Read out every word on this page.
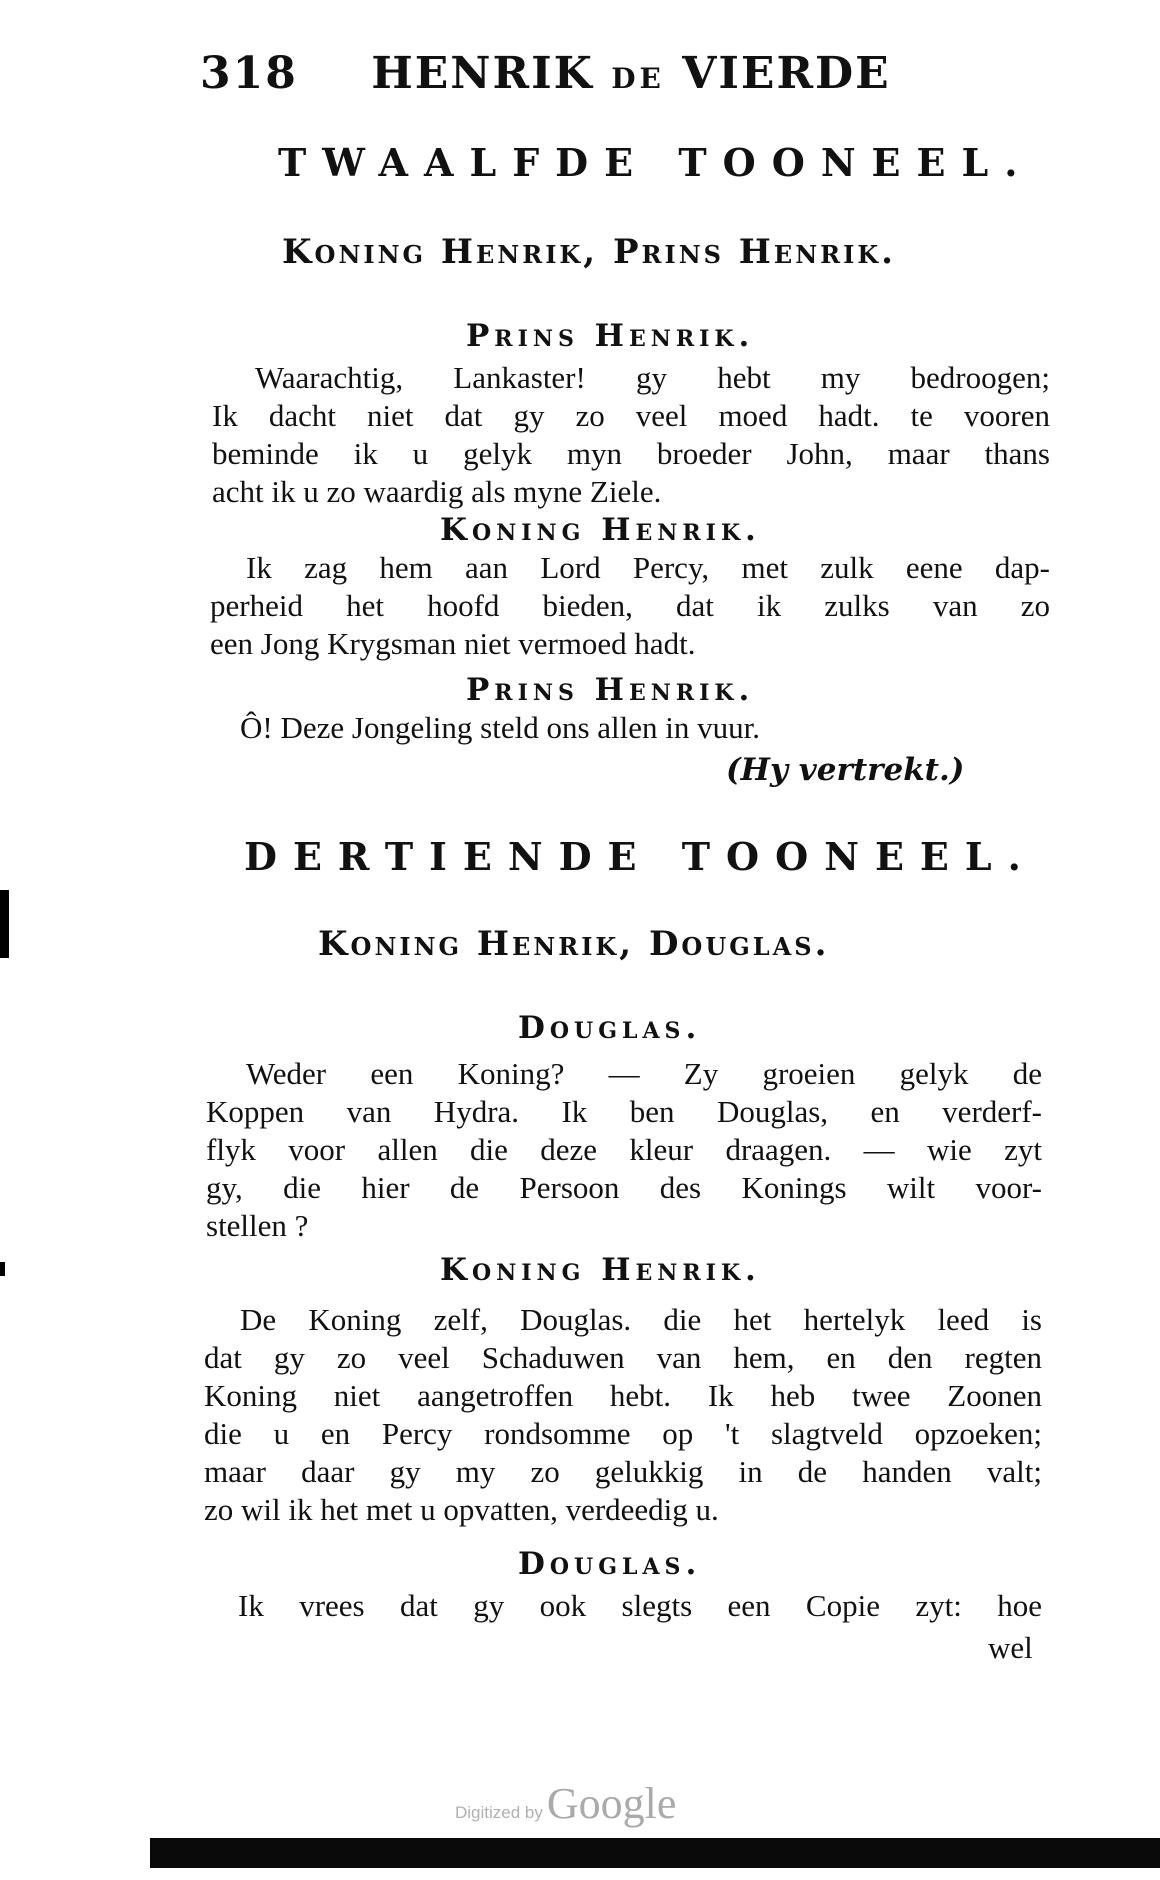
318 HENRIK DE VIERDE
TWAALFDE TOONEEL.
Koning Henrik, Prins Henrik.
Prins Henrik.
Waarachtig, Lankaster! gy hebt my bedroogen;
Ik dacht niet dat gy zo veel moed hadt. te vooren
beminde ik u gelyk myn broeder John, maar thans
acht ik u zo waardig als myne Ziele.
Koning Henrik.
Ik zag hem aan Lord Percy, met zulk eene dap-
perheid het hoofd bieden, dat ik zulks van zo
een Jong Krygsman niet vermoed hadt.
Prins Henrik.
Ô! Deze Jongeling steld ons allen in vuur.
(Hy vertrekt.)
DERTIENDE TOONEEL.
Koning Henrik, Douglas.
Douglas.
Weder een Koning? — Zy groeien gelyk de
Koppen van Hydra. Ik ben Douglas, en verderf-
flyk voor allen die deze kleur draagen. — wie zyt
gy, die hier de Persoon des Konings wilt voor-
stellen ?
Koning Henrik.
De Koning zelf, Douglas. die het hertelyk leed is
dat gy zo veel Schaduwen van hem, en den regten
Koning niet aangetroffen hebt. Ik heb twee Zoonen
die u en Percy rondsomme op 't slagtveld opzoeken;
maar daar gy my zo gelukkig in de handen valt;
zo wil ik het met u opvatten, verdeedig u.
Douglas.
Ik vrees dat gy ook slegts een Copie zyt: hoe
wel
Digitized by Google
